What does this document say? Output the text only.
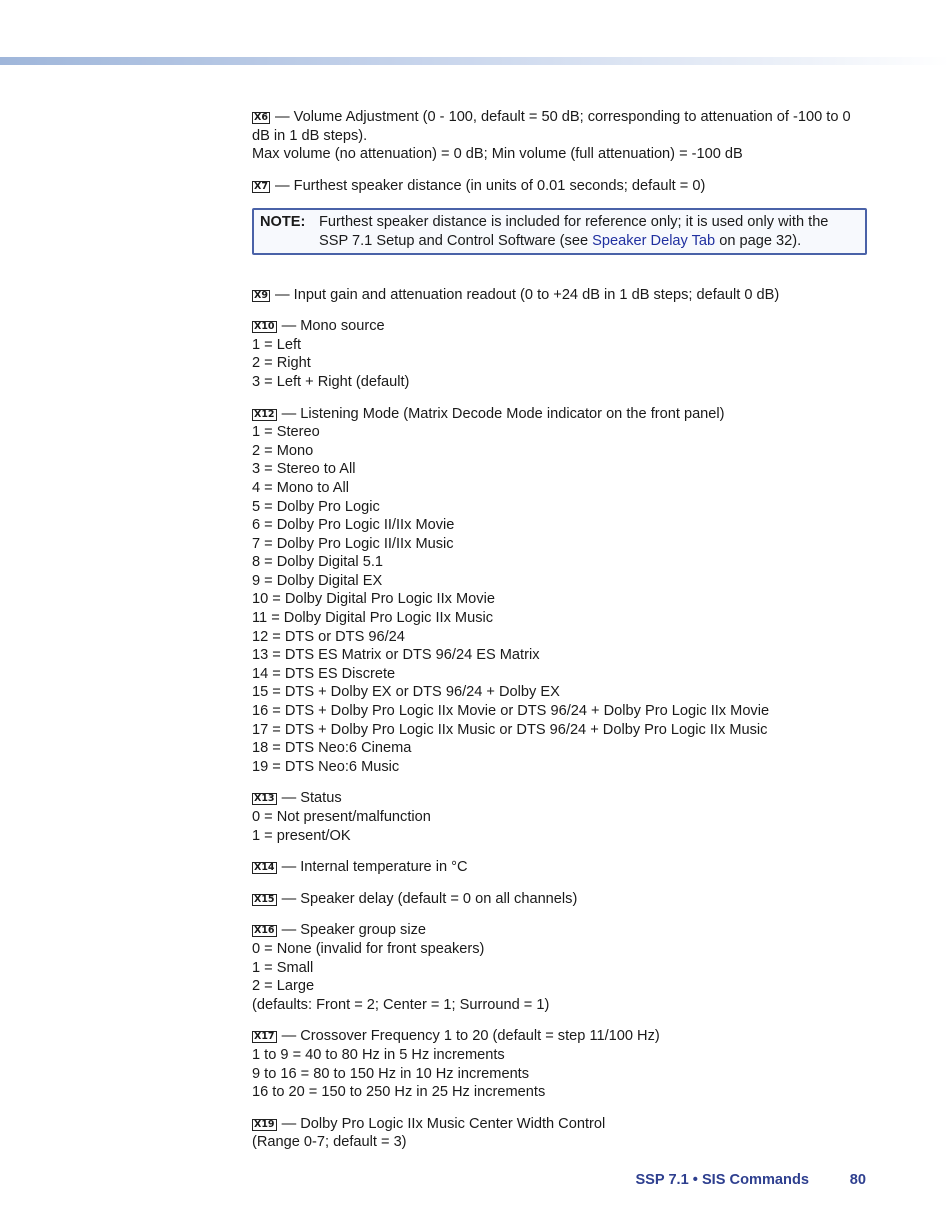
X6 — Volume Adjustment (0 - 100, default = 50 dB; corresponding to attenuation of -100 to 0 dB in 1 dB steps).
Max volume (no attenuation) = 0 dB; Min volume (full attenuation) = -100 dB
X7 — Furthest speaker distance (in units of 0.01 seconds; default = 0)
NOTE: Furthest speaker distance is included for reference only; it is used only with the SSP 7.1 Setup and Control Software (see Speaker Delay Tab on page 32).
X9 — Input gain and attenuation readout (0 to +24 dB in 1 dB steps; default 0 dB)
X10 — Mono source
1 = Left
2 = Right
3 = Left + Right (default)
X12 — Listening Mode (Matrix Decode Mode indicator on the front panel)
1 = Stereo
2 = Mono
3 = Stereo to All
4 = Mono to All
5 = Dolby Pro Logic
6 = Dolby Pro Logic II/IIx Movie
7 = Dolby Pro Logic II/IIx Music
8 = Dolby Digital 5.1
9 = Dolby Digital EX
10 = Dolby Digital Pro Logic IIx Movie
11 = Dolby Digital Pro Logic IIx Music
12 = DTS or DTS 96/24
13 = DTS ES Matrix or DTS 96/24 ES Matrix
14 = DTS ES Discrete
15 = DTS + Dolby EX or DTS 96/24 + Dolby EX
16 = DTS + Dolby Pro Logic IIx Movie or DTS 96/24 + Dolby Pro Logic IIx Movie
17 = DTS + Dolby Pro Logic IIx Music or DTS 96/24 + Dolby Pro Logic IIx Music
18 = DTS Neo:6 Cinema
19 = DTS Neo:6 Music
X13 — Status
0 = Not present/malfunction
1 = present/OK
X14 — Internal temperature in °C
X15 — Speaker delay (default = 0 on all channels)
X16 — Speaker group size
0 = None (invalid for front speakers)
1 = Small
2 = Large
(defaults: Front = 2; Center = 1; Surround = 1)
X17 — Crossover Frequency 1 to 20 (default = step 11/100 Hz)
1 to 9 = 40 to 80 Hz in 5 Hz increments
9 to 16 = 80 to 150 Hz in 10 Hz increments
16 to 20 = 150 to 250 Hz in 25 Hz increments
X19 — Dolby Pro Logic IIx Music Center Width Control
(Range 0-7; default = 3)
SSP 7.1 • SIS Commands	80
